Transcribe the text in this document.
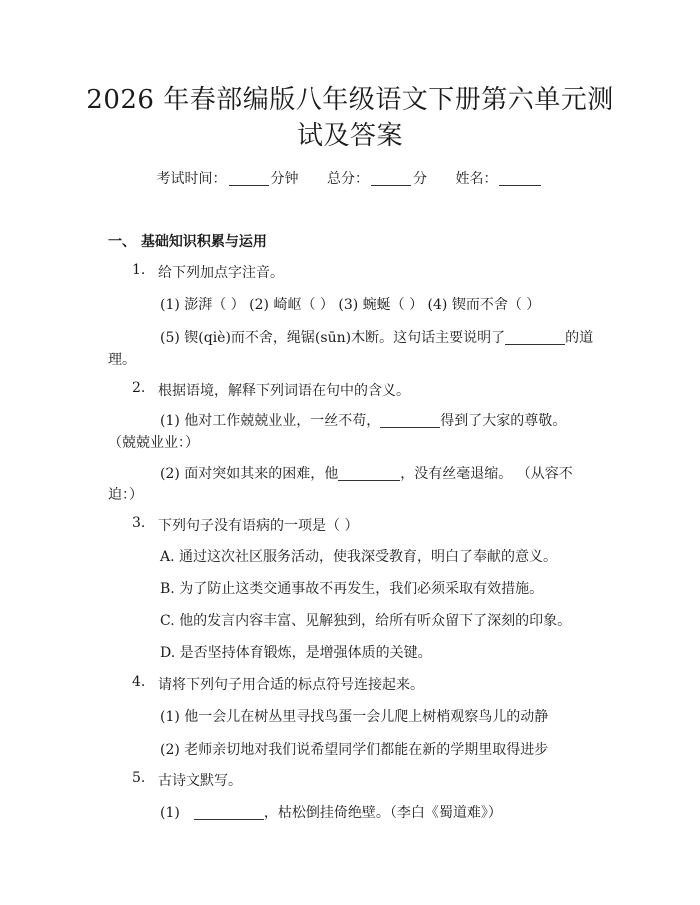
2026 年春部编版八年级语文下册第六单元测
试及答案
考试时间：	分钟 总分：	分 姓名：
一、 基础知识积累与运用
1. 给下列加点字注音。
(1) 澎湃（ ） (2) 崎岖（ ） (3) 蜿蜒（ ） (4) 锲而不舍（ ）
(5) 锲(qiè)而不舍，绳锯(sūn)木断。这句话主要说明了	的道
理。
2. 根据语境，解释下列词语在句中的含义。
(1) 他对工作兢兢业业，一丝不苟，	得到了大家的尊敬。
（兢兢业业：）
(2) 面对突如其来的困难，他	，没有丝毫退缩。 （从容不
迫：）
3. 下列句子没有语病的一项是（ ）
A. 通过这次社区服务活动，使我深受教育，明白了奉献的意义。
B. 为了防止这类交通事故不再发生，我们必须采取有效措施。
C. 他的发言内容丰富、见解独到，给所有听众留下了深刻的印象。
D. 是否坚持体育锻炼，是增强体质的关键。
4. 请将下列句子用合适的标点符号连接起来。
(1) 他一会儿在树丛里寻找鸟蛋一会儿爬上树梢观察鸟儿的动静
(2) 老师亲切地对我们说希望同学们都能在新的学期里取得进步
5. 古诗文默写。
(1)	，枯松倒挂倚绝壁。（李白《蜀道难》）
